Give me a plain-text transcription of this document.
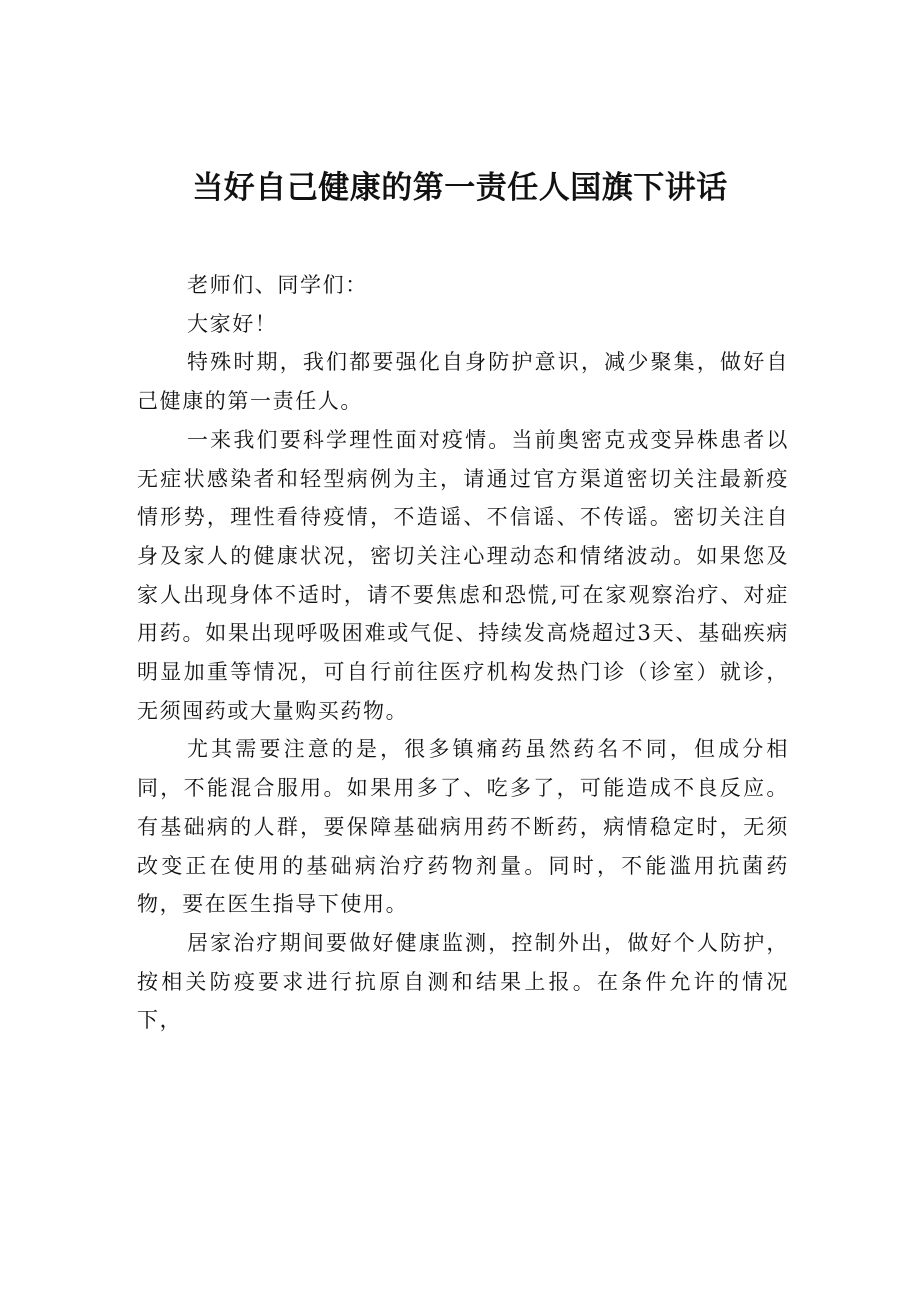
当好自己健康的第一责任人国旗下讲话

老师们、同学们：

大家好！

特殊时期，我们都要强化自身防护意识，减少聚集，做好自己健康的第一责任人。

一来我们要科学理性面对疫情。当前奥密克戎变异株患者以无症状感染者和轻型病例为主，请通过官方渠道密切关注最新疫情形势，理性看待疫情，不造谣、不信谣、不传谣。密切关注自身及家人的健康状况，密切关注心理动态和情绪波动。如果您及家人出现身体不适时，请不要焦虑和恐慌,可在家观察治疗、对症用药。如果出现呼吸困难或气促、持续发高烧超过3天、基础疾病明显加重等情况，可自行前往医疗机构发热门诊（诊室）就诊，无须囤药或大量购买药物。

尤其需要注意的是，很多镇痛药虽然药名不同，但成分相同，不能混合服用。如果用多了、吃多了，可能造成不良反应。有基础病的人群，要保障基础病用药不断药，病情稳定时，无须改变正在使用的基础病治疗药物剂量。同时，不能滥用抗菌药物，要在医生指导下使用。

居家治疗期间要做好健康监测，控制外出，做好个人防护，按相关防疫要求进行抗原自测和结果上报。在条件允许的情况下，
